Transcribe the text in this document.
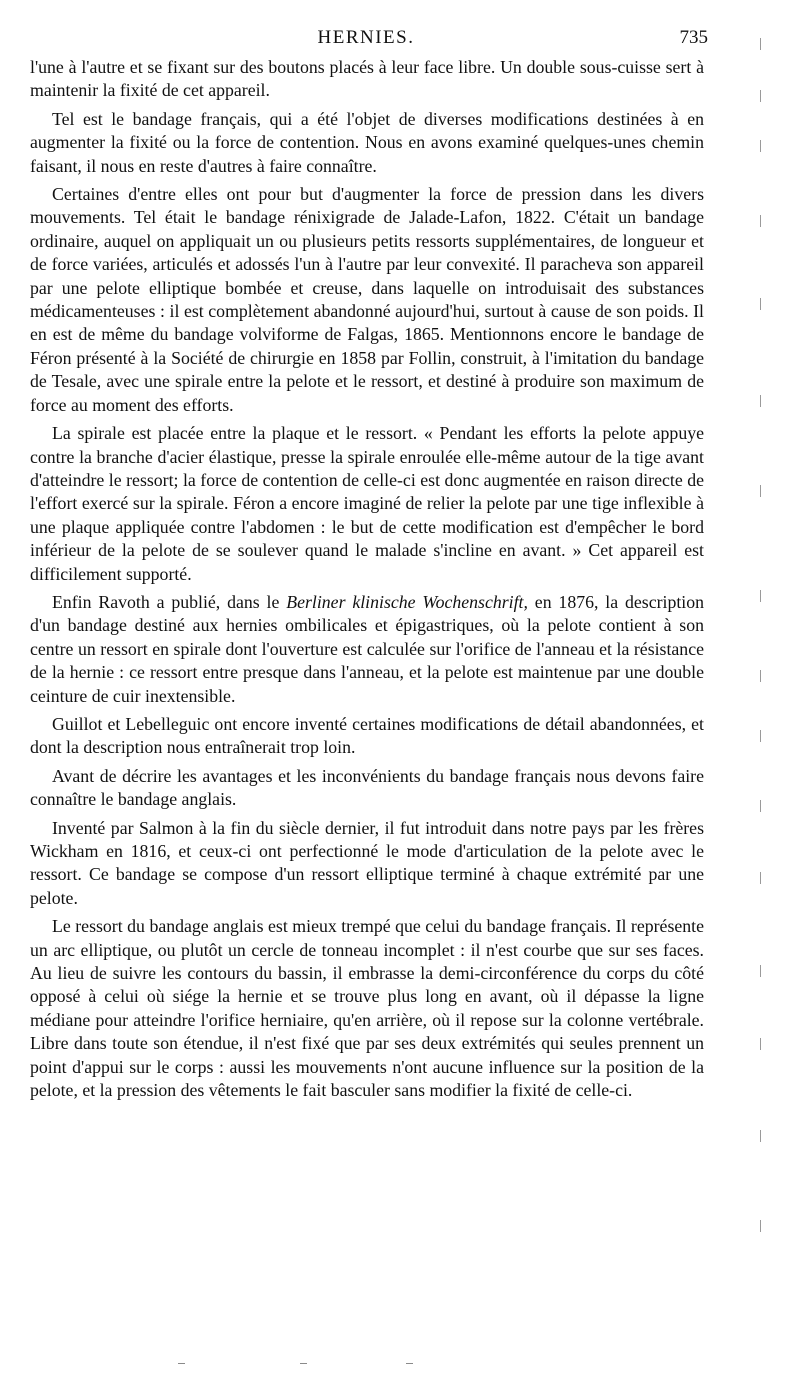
HERNIES.	735

l'une à l'autre et se fixant sur des boutons placés à leur face libre. Un double sous-cuisse sert à maintenir la fixité de cet appareil.

Tel est le bandage français, qui a été l'objet de diverses modifications destinées à en augmenter la fixité ou la force de contention. Nous en avons examiné quelques-unes chemin faisant, il nous en reste d'autres à faire connaître.

Certaines d'entre elles ont pour but d'augmenter la force de pression dans les divers mouvements. Tel était le bandage rénixigrade de Jalade-Lafon, 1822. C'était un bandage ordinaire, auquel on appliquait un ou plusieurs petits ressorts supplémentaires, de longueur et de force variées, articulés et adossés l'un à l'autre par leur convexité. Il paracheva son appareil par une pelote elliptique bombée et creuse, dans laquelle on introduisait des substances médicamenteuses : il est complètement abandonné aujourd'hui, surtout à cause de son poids. Il en est de même du bandage volviforme de Falgas, 1865. Mentionnons encore le bandage de Féron présenté à la Société de chirurgie en 1858 par Follin, construit, à l'imitation du bandage de Tesale, avec une spirale entre la pelote et le ressort, et destiné à produire son maximum de force au moment des efforts.

La spirale est placée entre la plaque et le ressort. « Pendant les efforts la pelote appuye contre la branche d'acier élastique, presse la spirale enroulée elle-même autour de la tige avant d'atteindre le ressort; la force de contention de celle-ci est donc augmentée en raison directe de l'effort exercé sur la spirale. Féron a encore imaginé de relier la pelote par une tige inflexible à une plaque appliquée contre l'abdomen : le but de cette modification est d'empêcher le bord inférieur de la pelote de se soulever quand le malade s'incline en avant. » Cet appareil est difficilement supporté.

Enfin Ravoth a publié, dans le Berliner klinische Wochenschrift, en 1876, la description d'un bandage destiné aux hernies ombilicales et épigastriques, où la pelote contient à son centre un ressort en spirale dont l'ouverture est calculée sur l'orifice de l'anneau et la résistance de la hernie : ce ressort entre presque dans l'anneau, et la pelote est maintenue par une double ceinture de cuir inextensible.

Guillot et Lebelleguic ont encore inventé certaines modifications de détail abandonnées, et dont la description nous entraînerait trop loin.

Avant de décrire les avantages et les inconvénients du bandage français nous devons faire connaître le bandage anglais.

Inventé par Salmon à la fin du siècle dernier, il fut introduit dans notre pays par les frères Wickham en 1816, et ceux-ci ont perfectionné le mode d'articulation de la pelote avec le ressort. Ce bandage se compose d'un ressort elliptique terminé à chaque extrémité par une pelote.

Le ressort du bandage anglais est mieux trempé que celui du bandage français. Il représente un arc elliptique, ou plutôt un cercle de tonneau incomplet : il n'est courbe que sur ses faces. Au lieu de suivre les contours du bassin, il embrasse la demi-circonférence du corps du côté opposé à celui où siége la hernie et se trouve plus long en avant, où il dépasse la ligne médiane pour atteindre l'orifice herniaire, qu'en arrière, où il repose sur la colonne vertébrale. Libre dans toute son étendue, il n'est fixé que par ses deux extrémités qui seules prennent un point d'appui sur le corps : aussi les mouvements n'ont aucune influence sur la position de la pelote, et la pression des vêtements le fait basculer sans modifier la fixité de celle-ci.
